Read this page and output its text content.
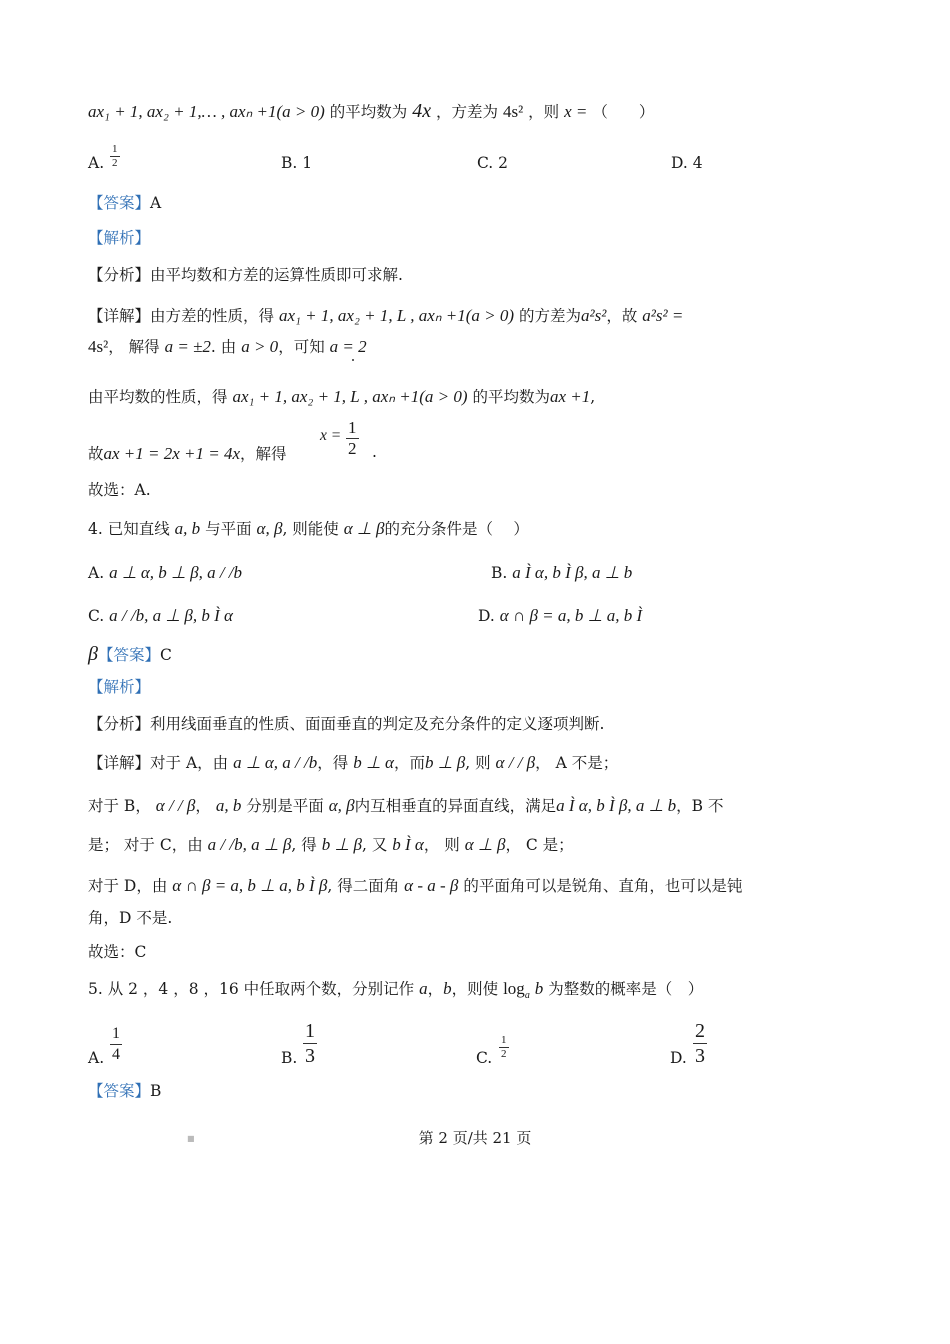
ax₁ + 1, ax₂ + 1,… , axₙ +1(a > 0) 的平均数为 4x ，方差为 4s² ，则 x = （　　）
A. $\frac{1}{2}$	B. 1	C. 2	D. 4
【答案】A
【解析】
【分析】由平均数和方差的运算性质即可求解.
【详解】由方差的性质，得 ax₁ + 1, ax₂ + 1, L , axₙ +1(a > 0) 的方差为a²s²，故 a²s² =
4s²， 解得 a = ±2. 由 a > 0，可知 a = 2
由平均数的性质，得 ax₁ + 1, ax₂ + 1, L , axₙ +1(a > 0) 的平均数为ax +1,
故ax +1 = 2x +1 = 4x，解得
$x = \frac{1}{2}$ .
故选：A.
4. 已知直线 a, b 与平面 α, β, 则能使 α ⊥ β的充分条件是（　 ）
A. a ⊥ α, b ⊥ β, a / /b	B. a Ì α, b Ì β, a ⊥ b
C. a / /b, a ⊥ β, b Ì α	D. α ∩ β = a, b ⊥ a, b Ì
β【答案】C
【解析】
【分析】利用线面垂直的性质、面面垂直的判定及充分条件的定义逐项判断.
【详解】对于 A，由 a ⊥ α, a / /b，得 b ⊥ α，而b ⊥ β, 则 α / / β， A 不是；
对于 B， α / / β， a, b 分别是平面 α, β内互相垂直的异面直线，满足a Ì α, b Ì β, a ⊥ b，B 不
是； 对于 C，由 a / /b, a ⊥ β, 得 b ⊥ β, 又 b Ì α， 则 α ⊥ β， C 是；
对于 D，由 α ∩ β = a, b ⊥ a, b Ì β, 得二面角 α - a - β 的平面角可以是锐角、直角，也可以是钝
角，D 不是.
故选：C
5. 从 2 ，4 ，8 ，16 中任取两个数，分别记作 a，b，则使 $\log_a b$ 为整数的概率是（　）
A. $\frac{1}{4}$	B. $\frac{1}{3}$	C. $\frac{1}{2}$	D. $\frac{2}{3}$
【答案】B
■	第 2 页/共 21 页
